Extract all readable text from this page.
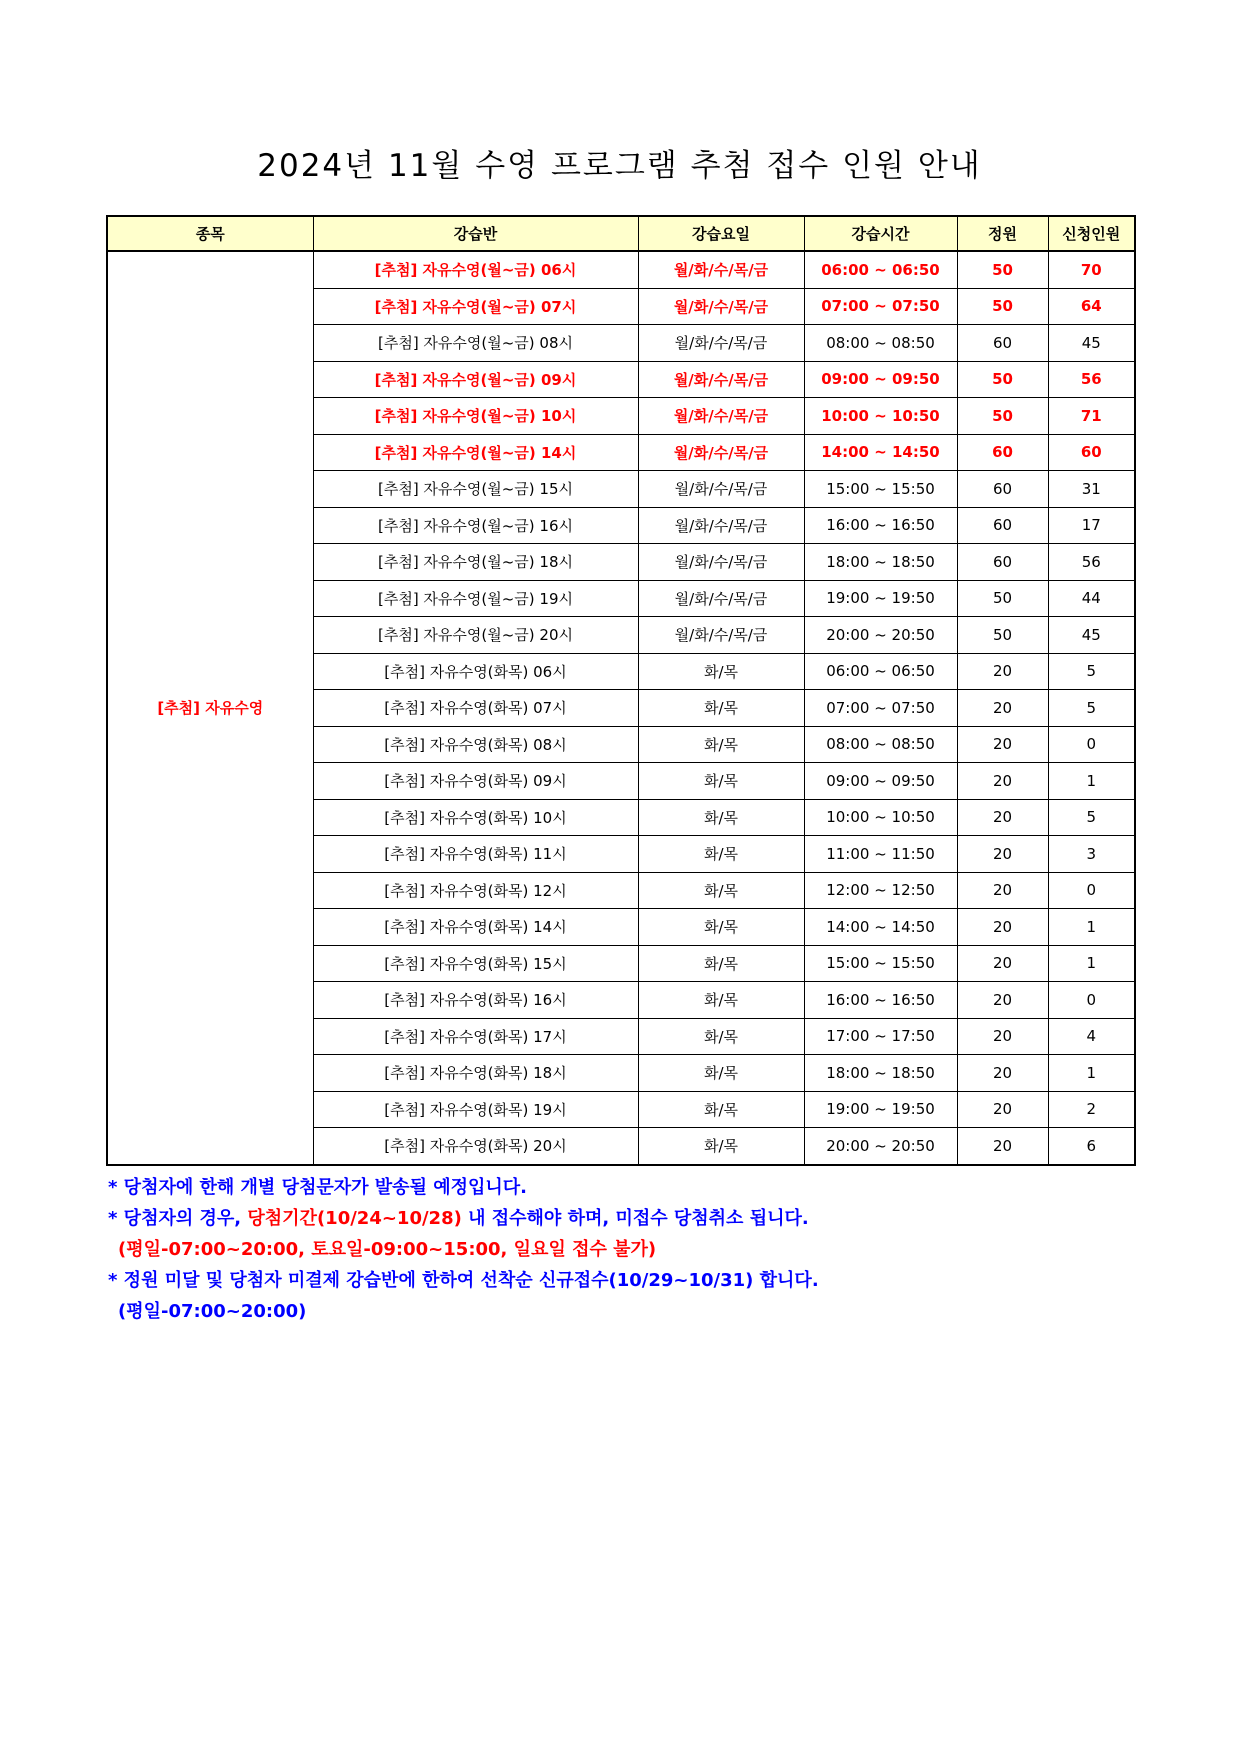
2024년 11월 수영 프로그램 추첨 접수 인원 안내
종목	강습반	강습요일	강습시간	정원	신청인원
[추첨] 자유수영	[추첨] 자유수영(월~금) 06시	월/화/수/목/금	06:00 ~ 06:50	50	70
	[추첨] 자유수영(월~금) 07시	월/화/수/목/금	07:00 ~ 07:50	50	64
	[추첨] 자유수영(월~금) 08시	월/화/수/목/금	08:00 ~ 08:50	60	45
	[추첨] 자유수영(월~금) 09시	월/화/수/목/금	09:00 ~ 09:50	50	56
	[추첨] 자유수영(월~금) 10시	월/화/수/목/금	10:00 ~ 10:50	50	71
	[추첨] 자유수영(월~금) 14시	월/화/수/목/금	14:00 ~ 14:50	60	60
	[추첨] 자유수영(월~금) 15시	월/화/수/목/금	15:00 ~ 15:50	60	31
	[추첨] 자유수영(월~금) 16시	월/화/수/목/금	16:00 ~ 16:50	60	17
	[추첨] 자유수영(월~금) 18시	월/화/수/목/금	18:00 ~ 18:50	60	56
	[추첨] 자유수영(월~금) 19시	월/화/수/목/금	19:00 ~ 19:50	50	44
	[추첨] 자유수영(월~금) 20시	월/화/수/목/금	20:00 ~ 20:50	50	45
	[추첨] 자유수영(화목) 06시	화/목	06:00 ~ 06:50	20	5
	[추첨] 자유수영(화목) 07시	화/목	07:00 ~ 07:50	20	5
	[추첨] 자유수영(화목) 08시	화/목	08:00 ~ 08:50	20	0
	[추첨] 자유수영(화목) 09시	화/목	09:00 ~ 09:50	20	1
	[추첨] 자유수영(화목) 10시	화/목	10:00 ~ 10:50	20	5
	[추첨] 자유수영(화목) 11시	화/목	11:00 ~ 11:50	20	3
	[추첨] 자유수영(화목) 12시	화/목	12:00 ~ 12:50	20	0
	[추첨] 자유수영(화목) 14시	화/목	14:00 ~ 14:50	20	1
	[추첨] 자유수영(화목) 15시	화/목	15:00 ~ 15:50	20	1
	[추첨] 자유수영(화목) 16시	화/목	16:00 ~ 16:50	20	0
	[추첨] 자유수영(화목) 17시	화/목	17:00 ~ 17:50	20	4
	[추첨] 자유수영(화목) 18시	화/목	18:00 ~ 18:50	20	1
	[추첨] 자유수영(화목) 19시	화/목	19:00 ~ 19:50	20	2
	[추첨] 자유수영(화목) 20시	화/목	20:00 ~ 20:50	20	6
* 당첨자에 한해 개별 당첨문자가 발송될 예정입니다.
* 당첨자의 경우, 당첨기간(10/24~10/28) 내 접수해야 하며, 미접수 당첨취소 됩니다.
(평일-07:00~20:00, 토요일-09:00~15:00, 일요일 접수 불가)
* 정원 미달 및 당첨자 미결제 강습반에 한하여 선착순 신규접수(10/29~10/31) 합니다.
(평일-07:00~20:00)
